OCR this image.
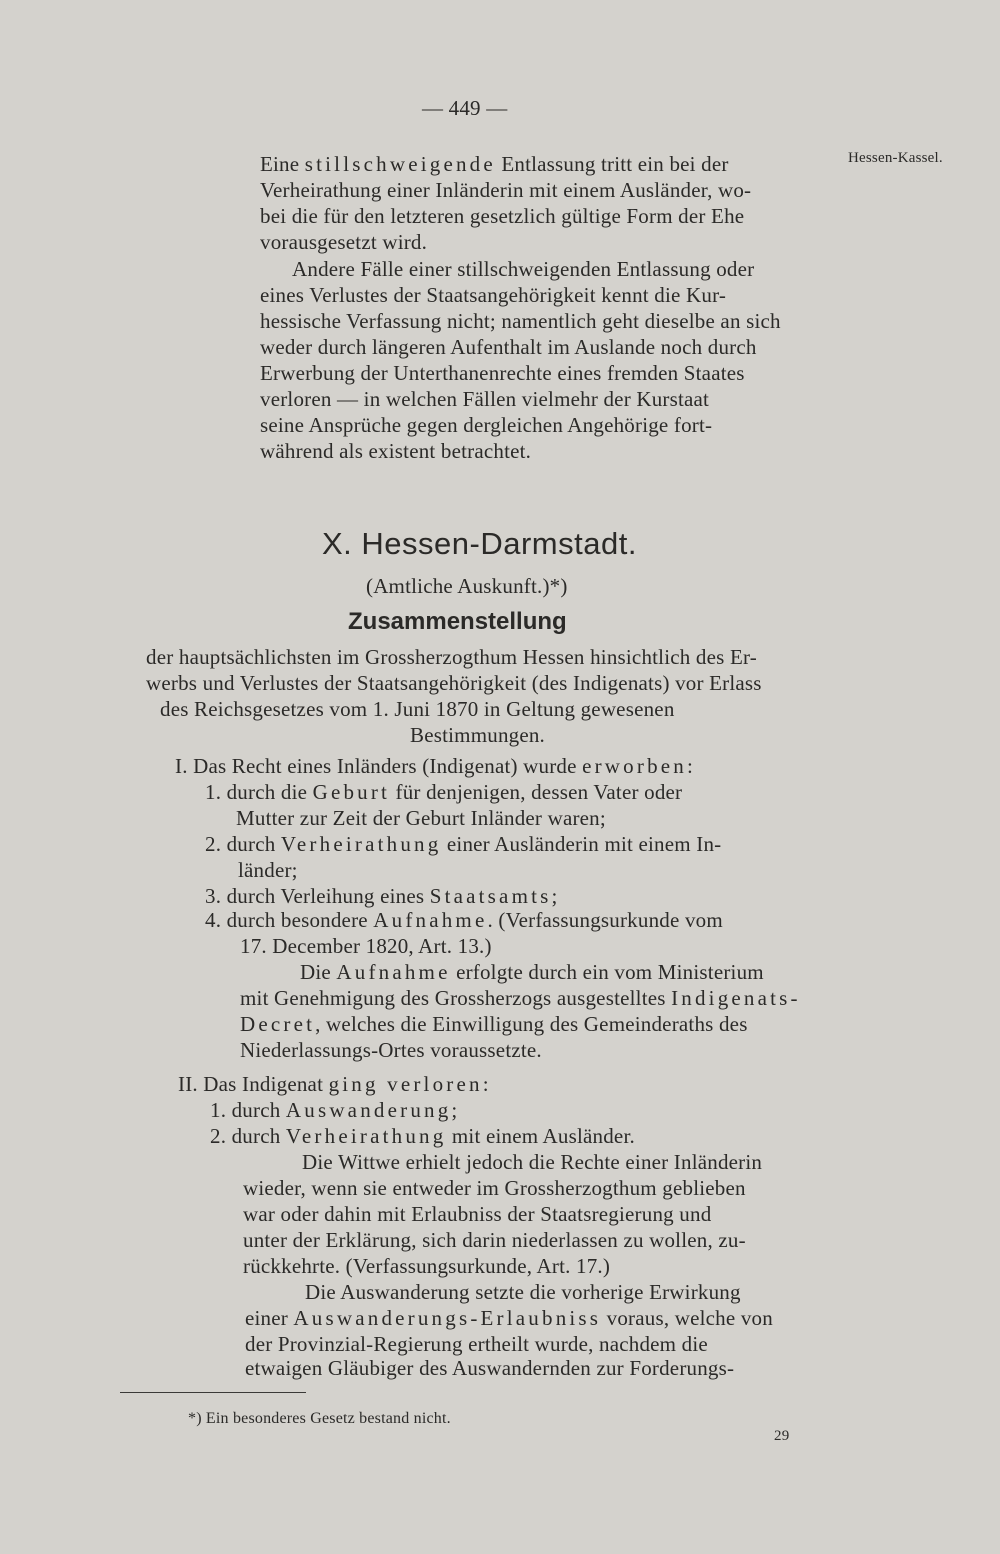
— 449 —
Hessen-Kassel.
Eine stillschweigende Entlassung tritt ein bei der
Verheirathung einer Inländerin mit einem Ausländer, wo-
bei die für den letzteren gesetzlich gültige Form der Ehe
vorausgesetzt wird.
Andere Fälle einer stillschweigenden Entlassung oder
eines Verlustes der Staatsangehörigkeit kennt die Kur-
hessische Verfassung nicht; namentlich geht dieselbe an sich
weder durch längeren Aufenthalt im Auslande noch durch
Erwerbung der Unterthanenrechte eines fremden Staates
verloren — in welchen Fällen vielmehr der Kurstaat
seine Ansprüche gegen dergleichen Angehörige fort-
während als existent betrachtet.
X. Hessen-Darmstadt.
(Amtliche Auskunft.)*)
Zusammenstellung
der hauptsächlichsten im Grossherzogthum Hessen hinsichtlich des Er-
werbs und Verlustes der Staatsangehörigkeit (des Indigenats) vor Erlass
des Reichsgesetzes vom 1. Juni 1870 in Geltung gewesenen
Bestimmungen.
I. Das Recht eines Inländers (Indigenat) wurde erworben:
1. durch die Geburt für denjenigen, dessen Vater oder
Mutter zur Zeit der Geburt Inländer waren;
2. durch Verheirathung einer Ausländerin mit einem In-
länder;
3. durch Verleihung eines Staatsamts;
4. durch besondere Aufnahme. (Verfassungsurkunde vom
17. December 1820, Art. 13.)
Die Aufnahme erfolgte durch ein vom Ministerium
mit Genehmigung des Grossherzogs ausgestelltes Indigenats-
Decret, welches die Einwilligung des Gemeinderaths des
Niederlassungs-Ortes voraussetzte.
II. Das Indigenat ging verloren:
1. durch Auswanderung;
2. durch Verheirathung mit einem Ausländer.
Die Wittwe erhielt jedoch die Rechte einer Inländerin
wieder, wenn sie entweder im Grossherzogthum geblieben
war oder dahin mit Erlaubniss der Staatsregierung und
unter der Erklärung, sich darin niederlassen zu wollen, zu-
rückkehrte. (Verfassungsurkunde, Art. 17.)
Die Auswanderung setzte die vorherige Erwirkung
einer Auswanderungs-Erlaubniss voraus, welche von
der Provinzial-Regierung ertheilt wurde, nachdem die
etwaigen Gläubiger des Auswandernden zur Forderungs-
*) Ein besonderes Gesetz bestand nicht.
29
